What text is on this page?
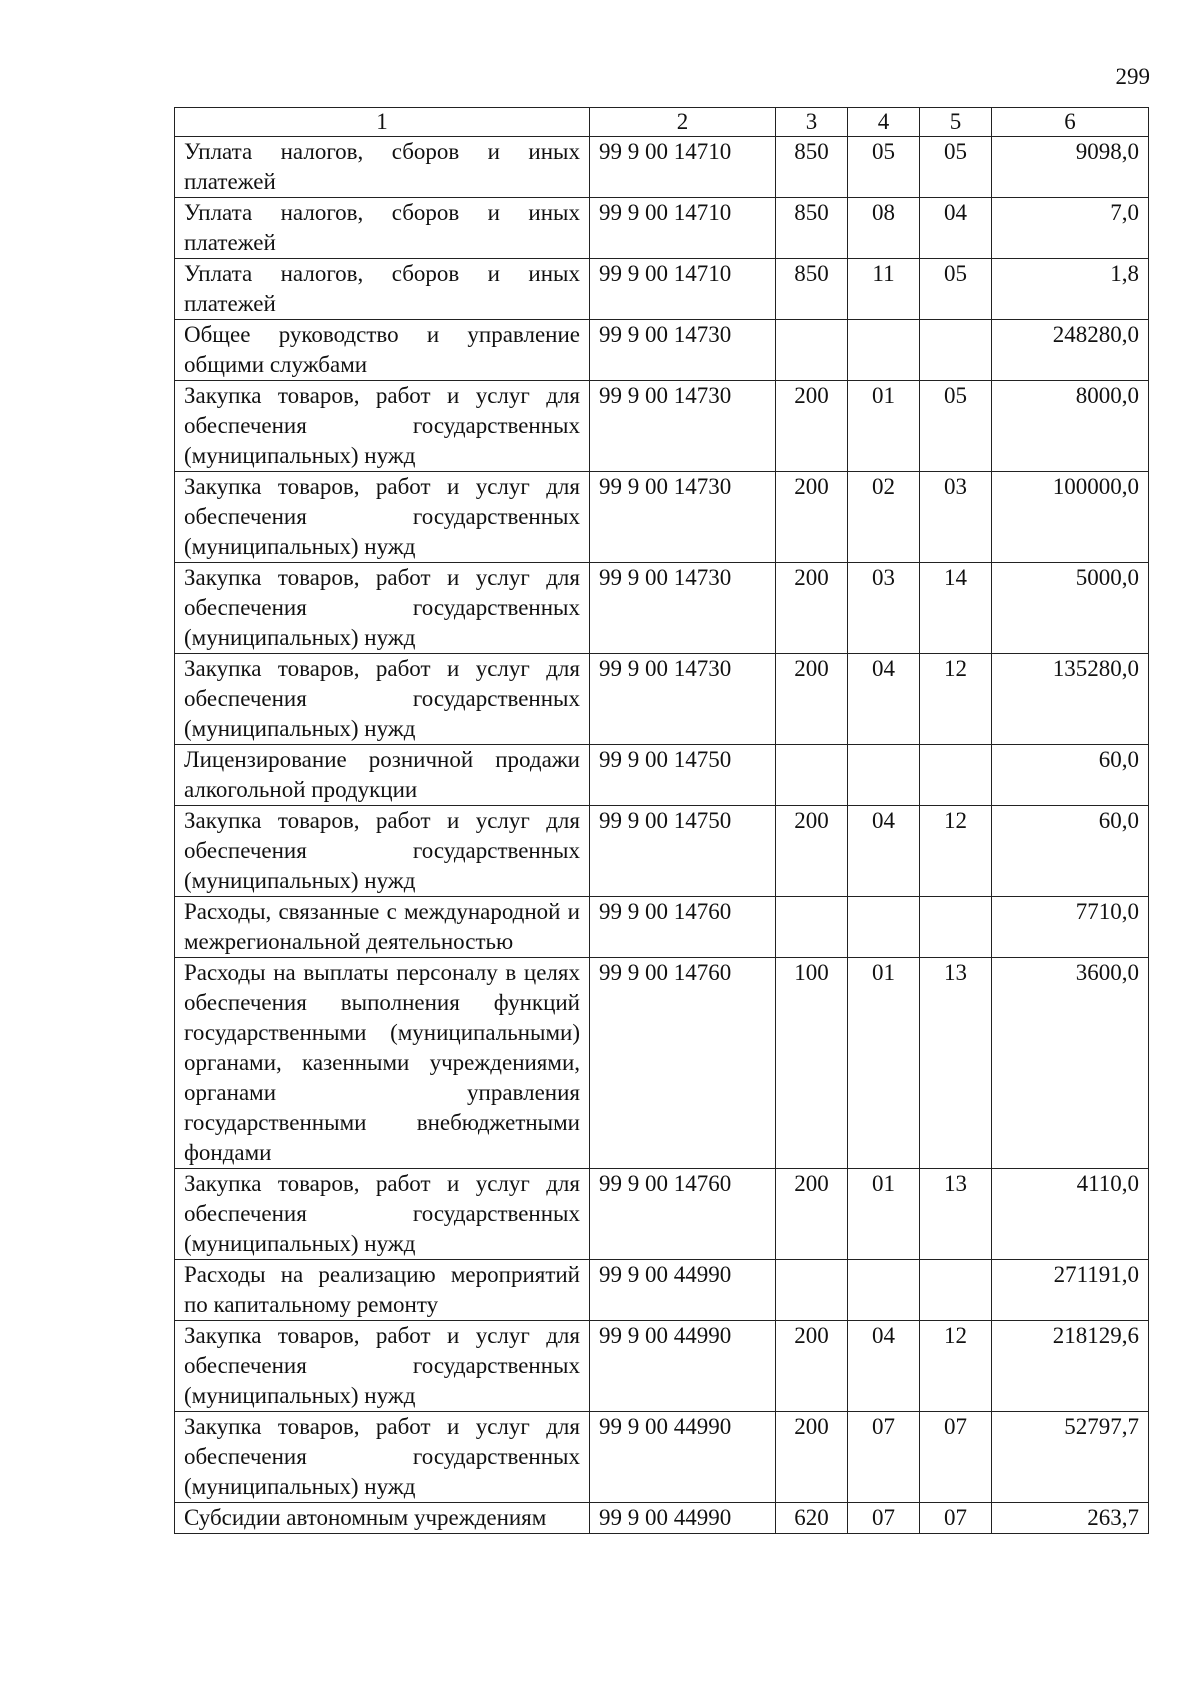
299
1	2	3	4	5	6
Уплата налогов, сборов и иных платежей	99 9 00 14710	850	05	05	9098,0
Уплата налогов, сборов и иных платежей	99 9 00 14710	850	08	04	7,0
Уплата налогов, сборов и иных платежей	99 9 00 14710	850	11	05	1,8
Общее руководство и управление общими службами	99 9 00 14730				248280,0
Закупка товаров, работ и услуг для обеспечения государственных (муниципальных) нужд	99 9 00 14730	200	01	05	8000,0
Закупка товаров, работ и услуг для обеспечения государственных (муниципальных) нужд	99 9 00 14730	200	02	03	100000,0
Закупка товаров, работ и услуг для обеспечения государственных (муниципальных) нужд	99 9 00 14730	200	03	14	5000,0
Закупка товаров, работ и услуг для обеспечения государственных (муниципальных) нужд	99 9 00 14730	200	04	12	135280,0
Лицензирование розничной продажи алкогольной продукции	99 9 00 14750				60,0
Закупка товаров, работ и услуг для обеспечения государственных (муниципальных) нужд	99 9 00 14750	200	04	12	60,0
Расходы, связанные с международной и межрегиональной деятельностью	99 9 00 14760				7710,0
Расходы на выплаты персоналу в целях обеспечения выполнения функций государственными (муниципальными) органами, казенными учреждениями, органами управления государственными внебюджетными фондами	99 9 00 14760	100	01	13	3600,0
Закупка товаров, работ и услуг для обеспечения государственных (муниципальных) нужд	99 9 00 14760	200	01	13	4110,0
Расходы на реализацию мероприятий по капитальному ремонту	99 9 00 44990				271191,0
Закупка товаров, работ и услуг для обеспечения государственных (муниципальных) нужд	99 9 00 44990	200	04	12	218129,6
Закупка товаров, работ и услуг для обеспечения государственных (муниципальных) нужд	99 9 00 44990	200	07	07	52797,7
Субсидии автономным учреждениям	99 9 00 44990	620	07	07	263,7
